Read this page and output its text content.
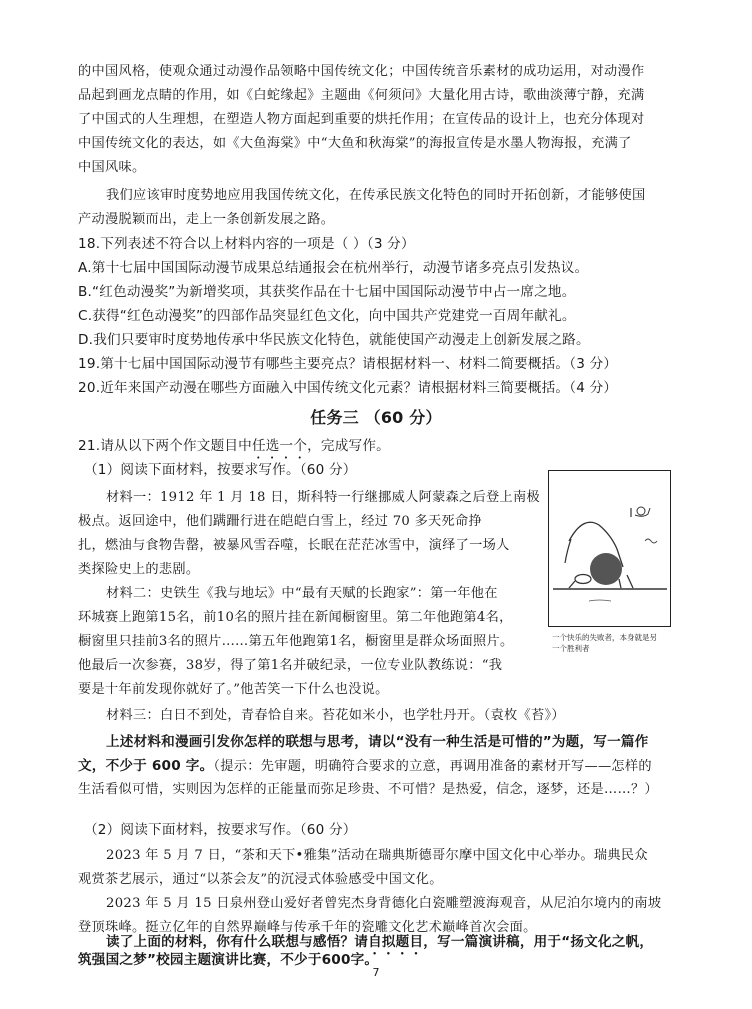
的中国风格，使观众通过动漫作品领略中国传统文化；中国传统音乐素材的成功运用，对动漫作
品起到画龙点睛的作用，如《白蛇缘起》主题曲《何须问》大量化用古诗，歌曲淡薄宁静，充满
了中国式的人生理想，在塑造人物方面起到重要的烘托作用；在宣传品的设计上，也充分体现对
中国传统文化的表达，如《大鱼海棠》中“大鱼和秋海棠”的海报宣传是水墨人物海报，充满了
中国风味。
我们应该审时度势地应用我国传统文化，在传承民族文化特色的同时开拓创新，才能够使国
产动漫脱颖而出，走上一条创新发展之路。
18.下列表述不符合以上材料内容的一项是（ ）（3 分）
A.第十七届中国国际动漫节成果总结通报会在杭州举行，动漫节诸多亮点引发热议。
B.“红色动漫奖”为新增奖项，其获奖作品在十七届中国国际动漫节中占一席之地。
C.获得“红色动漫奖”的四部作品突显红色文化，向中国共产党建党一百周年献礼。
D.我们只要审时度势地传承中华民族文化特色，就能使国产动漫走上创新发展之路。
19.第十七届中国国际动漫节有哪些主要亮点？请根据材料一、材料二简要概括。（3 分）
20.近年来国产动漫在哪些方面融入中国传统文化元素？请根据材料三简要概括。（4 分）
任务三 （60 分）
21.请从以下两个作文题目中任选一个，完成写作。
（1）阅读下面材料，按要求写作。（60 分）
材料一：1912 年 1 月 18 日，斯科特一行继挪威人阿蒙森之后登上南极
极点。返回途中，他们蹒跚行进在皑皑白雪上，经过 70 多天死命挣
扎，燃油与食物告罄，被暴风雪吞噬，长眠在茫茫冰雪中，演绎了一场人
类探险史上的悲剧。
材料二：史铁生《我与地坛》中“最有天赋的长跑家”：第一年他在
环城赛上跑第15名，前10名的照片挂在新闻橱窗里。第二年他跑第4名，
橱窗里只挂前3名的照片……第五年他跑第1名，橱窗里是群众场面照片。
他最后一次参赛，38岁，得了第1名并破纪录，一位专业队教练说：“我
要是十年前发现你就好了。”他苦笑一下什么也没说。
材料三：白日不到处，青春恰自来。苔花如米小，也学牡丹开。（袁枚《苔》）
上述材料和漫画引发你怎样的联想与思考，请以“没有一种生活是可惜的”为题，写一篇作
文，不少于 600 字。（提示：先审题，明确符合要求的立意，再调用准备的素材开写——怎样的
生活看似可惜，实则因为怎样的正能量而弥足珍贵、不可惜？是热爱，信念，逐梦，还是……？）
一个快乐的失败者，本身就是另
一个胜利者
（2）阅读下面材料，按要求写作。（60 分）
2023 年 5 月 7 日，“茶和天下•雅集”活动在瑞典斯德哥尔摩中国文化中心举办。瑞典民众
观赏茶艺展示，通过“以茶会友”的沉浸式体验感受中国文化。
2023 年 5 月 15 日泉州登山爱好者曾宪杰身背德化白瓷雕塑渡海观音，从尼泊尔境内的南坡
登顶珠峰。挺立亿年的自然界巅峰与传承千年的瓷雕文化艺术巅峰首次会面。
读了上面的材料，你有什么联想与感悟？请自拟题目，写一篇演讲稿，用于“扬文化之帆，
筑强国之梦”校园主题演讲比赛，不少于600字。
7
